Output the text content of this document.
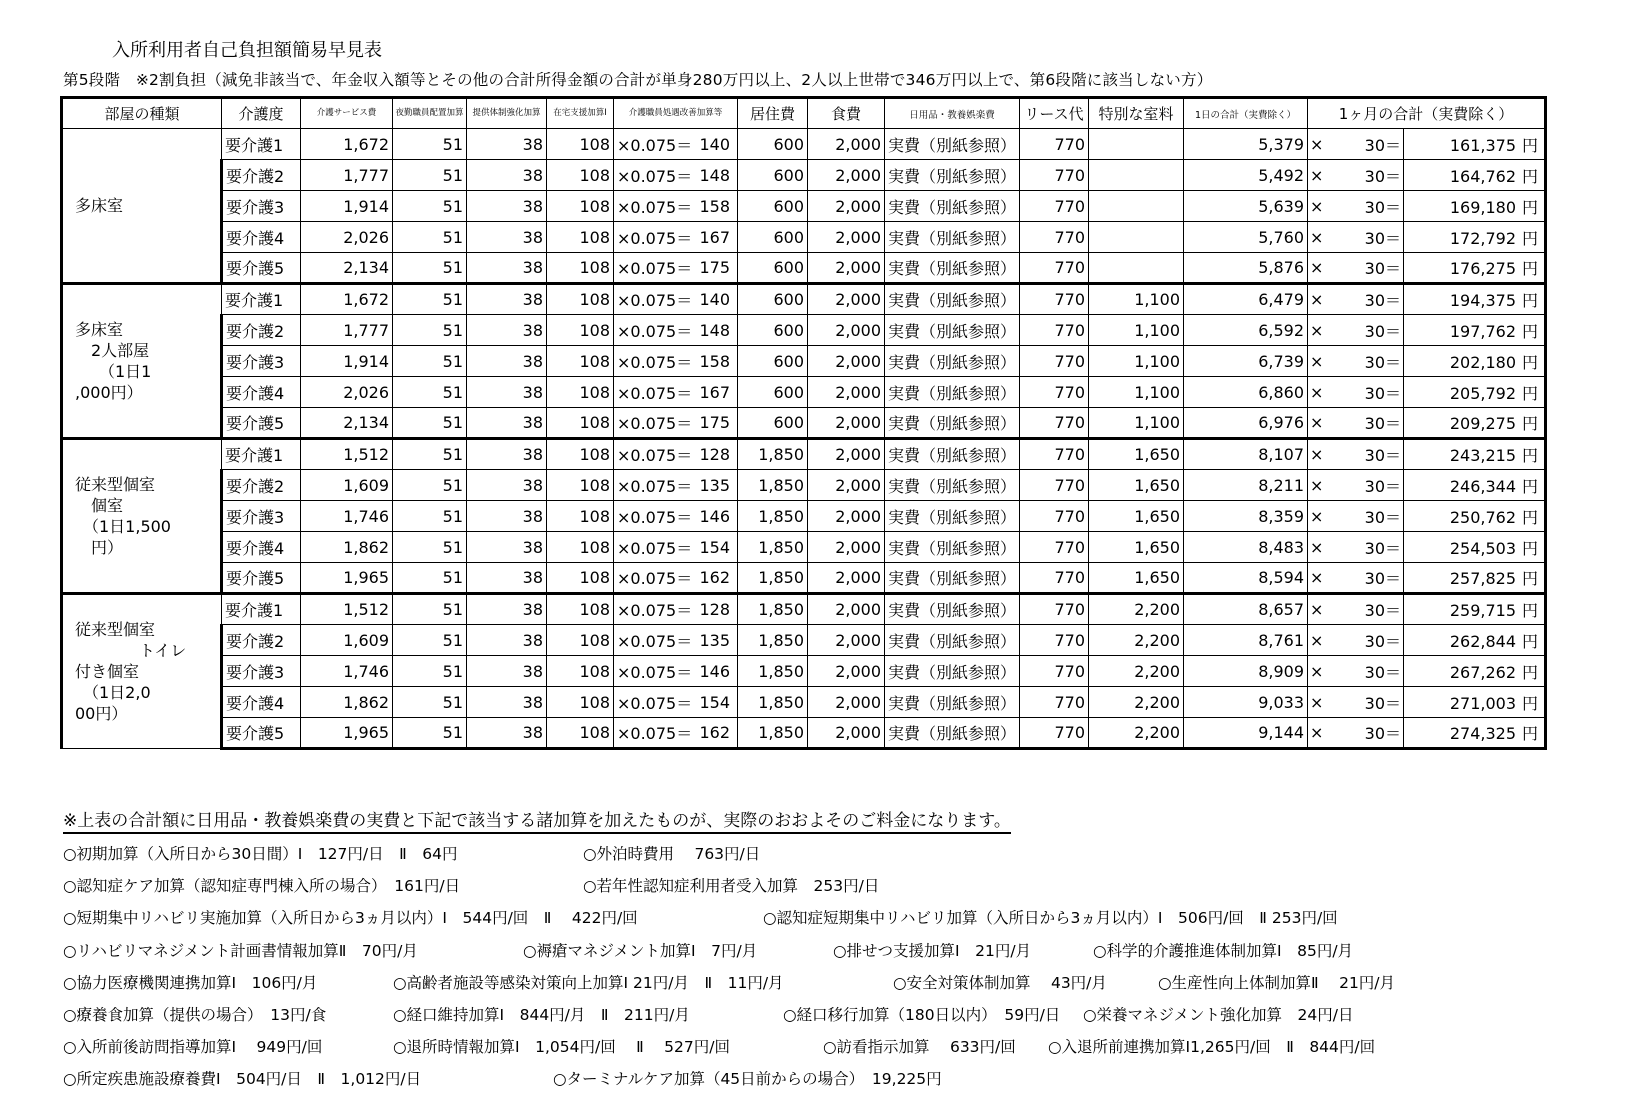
入所利用者自己負担額簡易早見表
第5段階　※2割負担（減免非該当で、年金収入額等とその他の合計所得金額の合計が単身280万円以上、2人以上世帯で346万円以上で、第6段階に該当しない方）
部屋の種類	介護度	介護サービス費	夜勤職員配置加算	提供体制強化加算	在宅支援加算Ⅰ	介護職員処遇改善加算等		居住費	食費	日用品・教養娯楽費	リース代	特別な室料	1日の合計（実費除く）	1ヶ月の合計（実費除く）		
多床室	要介護1	1,672	51	38	108	×0.075＝	140	600	2,000	実費（別紙参照）	770		5,379	×	30＝	161,375 円
	要介護2	1,777	51	38	108	×0.075＝	148	600	2,000	実費（別紙参照）	770		5,492	×	30＝	164,762 円
	要介護3	1,914	51	38	108	×0.075＝	158	600	2,000	実費（別紙参照）	770		5,639	×	30＝	169,180 円
	要介護4	2,026	51	38	108	×0.075＝	167	600	2,000	実費（別紙参照）	770		5,760	×	30＝	172,792 円
	要介護5	2,134	51	38	108	×0.075＝	175	600	2,000	実費（別紙参照）	770		5,876	×	30＝	176,275 円
多床室
　2人部屋
　　（1日1
,000円）	要介護1	1,672	51	38	108	×0.075＝	140	600	2,000	実費（別紙参照）	770	1,100	6,479	×	30＝	194,375 円
	要介護2	1,777	51	38	108	×0.075＝	148	600	2,000	実費（別紙参照）	770	1,100	6,592	×	30＝	197,762 円
	要介護3	1,914	51	38	108	×0.075＝	158	600	2,000	実費（別紙参照）	770	1,100	6,739	×	30＝	202,180 円
	要介護4	2,026	51	38	108	×0.075＝	167	600	2,000	実費（別紙参照）	770	1,100	6,860	×	30＝	205,792 円
	要介護5	2,134	51	38	108	×0.075＝	175	600	2,000	実費（別紙参照）	770	1,100	6,976	×	30＝	209,275 円
従来型個室
　個室
　（1日1,500
　円）	要介護1	1,512	51	38	108	×0.075＝	128	1,850	2,000	実費（別紙参照）	770	1,650	8,107	×	30＝	243,215 円
	要介護2	1,609	51	38	108	×0.075＝	135	1,850	2,000	実費（別紙参照）	770	1,650	8,211	×	30＝	246,344 円
	要介護3	1,746	51	38	108	×0.075＝	146	1,850	2,000	実費（別紙参照）	770	1,650	8,359	×	30＝	250,762 円
	要介護4	1,862	51	38	108	×0.075＝	154	1,850	2,000	実費（別紙参照）	770	1,650	8,483	×	30＝	254,503 円
	要介護5	1,965	51	38	108	×0.075＝	162	1,850	2,000	実費（別紙参照）	770	1,650	8,594	×	30＝	257,825 円
従来型個室
　　　　トイレ
付き個室
　（1日2,0
00円）	要介護1	1,512	51	38	108	×0.075＝	128	1,850	2,000	実費（別紙参照）	770	2,200	8,657	×	30＝	259,715 円
	要介護2	1,609	51	38	108	×0.075＝	135	1,850	2,000	実費（別紙参照）	770	2,200	8,761	×	30＝	262,844 円
	要介護3	1,746	51	38	108	×0.075＝	146	1,850	2,000	実費（別紙参照）	770	2,200	8,909	×	30＝	267,262 円
	要介護4	1,862	51	38	108	×0.075＝	154	1,850	2,000	実費（別紙参照）	770	2,200	9,033	×	30＝	271,003 円
	要介護5	1,965	51	38	108	×0.075＝	162	1,850	2,000	実費（別紙参照）	770	2,200	9,144	×	30＝	274,325 円
※上表の合計額に日用品・教養娯楽費の実費と下記で該当する諸加算を加えたものが、実際のおおよそのご料金になります。
○初期加算（入所日から30日間）Ⅰ　127円/日　Ⅱ　64円	○外泊時費用　 763円/日
○認知症ケア加算（認知症専門棟入所の場合）　161円/日	○若年性認知症利用者受入加算　253円/日
○短期集中リハビリ実施加算（入所日から3ヵ月以内）Ⅰ　544円/回　Ⅱ　 422円/回	○認知症短期集中リハビリ加算（入所日から3ヵ月以内）Ⅰ　506円/回　Ⅱ 253円/回
○リハビリマネジメント計画書情報加算Ⅱ　70円/月	○褥瘡マネジメント加算Ⅰ　7円/月	○排せつ支援加算Ⅰ　21円/月	○科学的介護推進体制加算Ⅰ　85円/月
○協力医療機関連携加算Ⅰ　106円/月	○高齢者施設等感染対策向上加算Ⅰ 21円/月　Ⅱ　11円/月	○安全対策体制加算　 43円/月	○生産性向上体制加算Ⅱ　 21円/月
○療養食加算（提供の場合）　13円/食	○経口維持加算Ⅰ　844円/月　Ⅱ　211円/月	○経口移行加算（180日以内）　59円/日 ○栄養マネジメント強化加算　24円/日
○入所前後訪問指導加算Ⅰ　 949円/回	○退所時情報加算Ⅰ　1,054円/回　 Ⅱ　 527円/回	○訪看指示加算　 633円/回 ○入退所前連携加算Ⅰ1,265円/回　Ⅱ　844円/回
○所定疾患施設療養費Ⅰ　504円/日　Ⅱ　1,012円/日	○ターミナルケア加算（45日前からの場合）　19,225円
